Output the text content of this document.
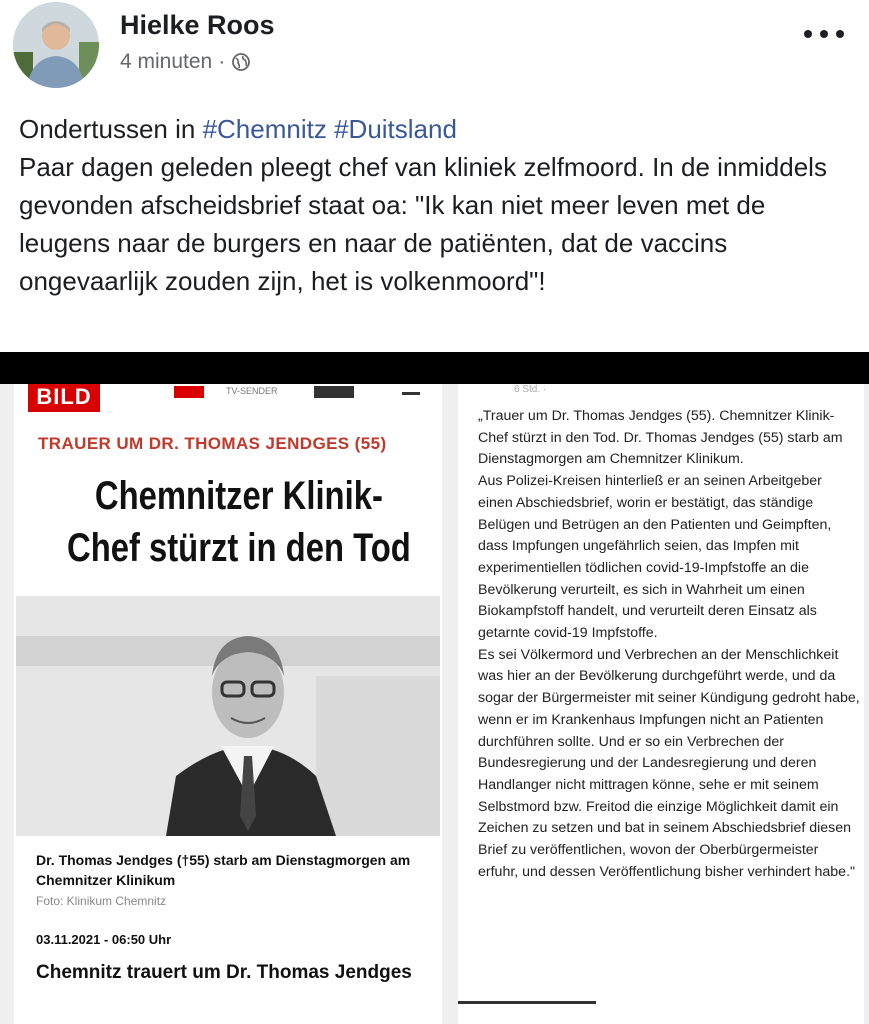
Hielke Roos
4 minuten ·

Ondertussen in #Chemnitz #Duitsland

Paar dagen geleden pleegt chef van kliniek zelfmoord. In de inmiddels gevonden afscheidsbrief staat oa: "Ik kan niet meer leven met de leugens naar de burgers en naar de patiënten, dat de vaccins ongevaarlijk zouden zijn, het is volkenmoord"!

BILD	TV-SENDER
TRAUER UM DR. THOMAS JENDGES (55)
Chemnitzer Klinik-
Chef stürzt in den Tod
Dr. Thomas Jendges (†55) starb am Dienstagmorgen am Chemnitzer Klinikum
Foto: Klinikum Chemnitz
03.11.2021 - 06:50 Uhr
Chemnitz trauert um Dr. Thomas Jendges
6 Std. ·

„Trauer um Dr. Thomas Jendges (55). Chemnitzer Klinik-Chef stürzt in den Tod. Dr. Thomas Jendges (55) starb am Dienstagmorgen am Chemnitzer Klinikum.

Aus Polizei-Kreisen hinterließ er an seinen Arbeitgeber einen Abschiedsbrief, worin er bestätigt, das ständige Belügen und Betrügen an den Patienten und Geimpften, dass Impfungen ungefährlich seien, das Impfen mit experimentiellen tödlichen covid-19-Impfstoffe an die Bevölkerung verurteilt, es sich in Wahrheit um einen Biokampfstoff handelt, und verurteilt deren Einsatz als getarnte covid-19 Impfstoffe.

Es sei Völkermord und Verbrechen an der Menschlichkeit was hier an der Bevölkerung durchgeführt werde, und da sogar der Bürgermeister mit seiner Kündigung gedroht habe, wenn er im Krankenhaus Impfungen nicht an Patienten durchführen sollte. Und er so ein Verbrechen der Bundesregierung und der Landesregierung und deren Handlanger nicht mittragen könne, sehe er mit seinem Selbstmord bzw. Freitod die einzige Möglichkeit damit ein Zeichen zu setzen und bat in seinem Abschiedsbrief diesen Brief zu veröffentlichen, wovon der Oberbürgermeister erfuhr, und dessen Veröffentlichung bisher verhindert habe."
